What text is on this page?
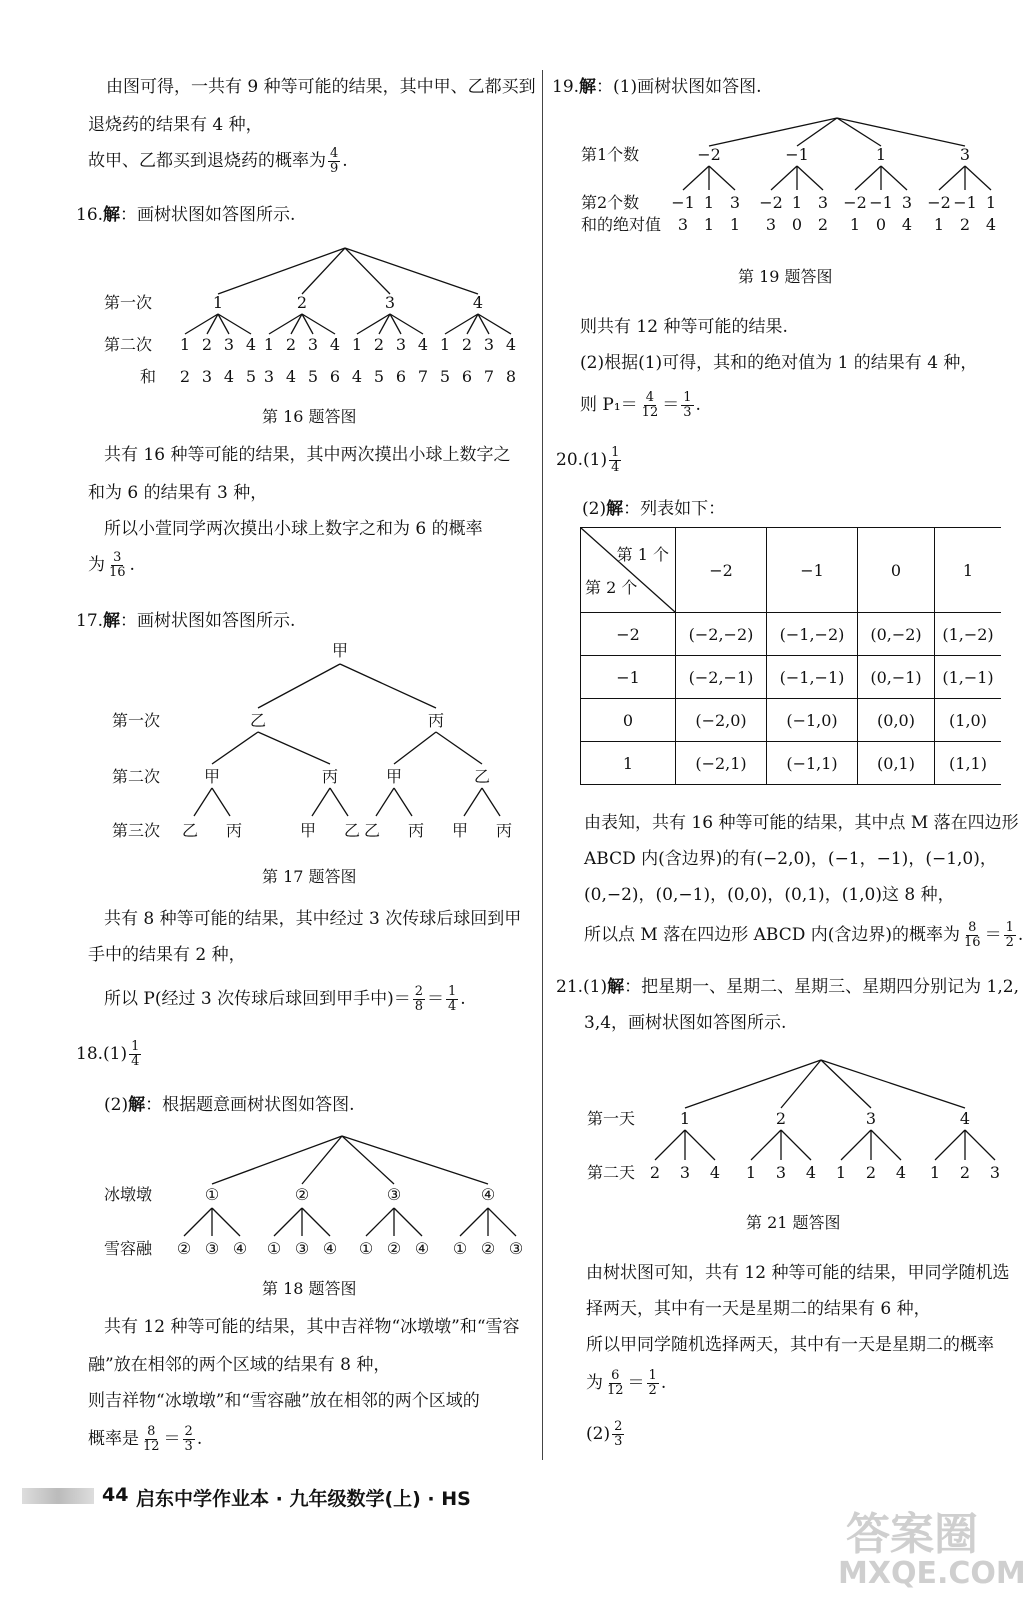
由图可得，一共有 9 种等可能的结果，其中甲、乙都买到
退烧药的结果有 4 种，
故甲、乙都买到退烧药的概率为 $\frac{4}{9}$ .
16.解：画树状图如答图所示.
第一次
第二次
和
1
1
2
2
3
3
4
4
5
2
1
3
2
4
3
5
4
6
3
1
4
2
5
3
6
4
7
4
1
5
2
6
3
7
4
8
第 16 题答图
共有 16 种等可能的结果，其中两次摸出小球上数字之
和为 6 的结果有 3 种，
所以小萱同学两次摸出小球上数字之和为 6 的概率
为 $\frac{3}{16}$ .
17.解：画树状图如答图所示.
甲
第一次
第二次
第三次
乙	丙
甲
乙 丙
丙
甲 乙
甲
乙 丙
乙
甲 丙
第 17 题答图
共有 8 种等可能的结果，其中经过 3 次传球后球回到甲
手中的结果有 2 种，
所以 P(经过 3 次传球后球回到甲手中)＝ $\frac{2}{8} = \frac{1}{4}$ .
$18.(1) \frac{1}{4}$
(2)解：根据题意画树状图如答图.
冰墩墩
雪容融
①
② ③ ④
②
① ③ ④
③
① ② ④
④
① ② ③
第 18 题答图
共有 12 种等可能的结果，其中吉祥物“冰墩墩”和“雪容
融”放在相邻的两个区域的结果有 8 种，
则吉祥物“冰墩墩”和“雪容融”放在相邻的两个区域的
概率是 $\frac{8}{12} = \frac{2}{3}$ .
19.解：(1)画树状图如答图.
第1个数
第2个数
和的绝对值
−2
−1
3
1
1
3
1
−1
−2
3
1
0
3
2
1
−2
1
−1
0
3
4
3
−2
1
−1
2
1
4
第 19 题答图
则共有 12 种等可能的结果.
(2)根据(1)可得，其和的绝对值为 1 的结果有 4 种，
则 $P_1= \frac{4}{12} = \frac{1}{3}$ .
$20.(1) \frac{1}{4}$
(2)解：列表如下：
第 1 个
第 2 个	−2	−1	0	1
−2	(−2,−2)	(−1,−2)	(0,−2)	(1,−2)
−1	(−2,−1)	(−1,−1)	(0,−1)	(1,−1)
0	(−2,0)	(−1,0)	(0,0)	(1,0)
1	(−2,1)	(−1,1)	(0,1)	(1,1)
由表知，共有 16 种等可能的结果，其中点 M 落在四边形
ABCD 内(含边界)的有(−2,0)，(−1，−1)，(−1,0)，
(0,−2)，(0,−1)，(0,0)，(0,1)，(1,0)这 8 种，
所以点 M 落在四边形 ABCD 内(含边界)的概率为 $\frac{8}{16} = \frac{1}{2}$ .
21.(1)解：把星期一、星期二、星期三、星期四分别记为 1,2,
3,4，画树状图如答图所示.
第一天
第二天
1
2 3 4
2
1 3 4
3
1 2 4
4
1 2 3
第 21 题答图
由树状图可知，共有 12 种等可能的结果，甲同学随机选
择两天，其中有一天是星期二的结果有 6 种，
所以甲同学随机选择两天，其中有一天是星期二的概率
为 $\frac{6}{12} = \frac{1}{2}$ .
$(2) \frac{2}{3}$
44 启东中学作业本 · 九年级数学(上) · HS
答案圈
MXQE.COM
